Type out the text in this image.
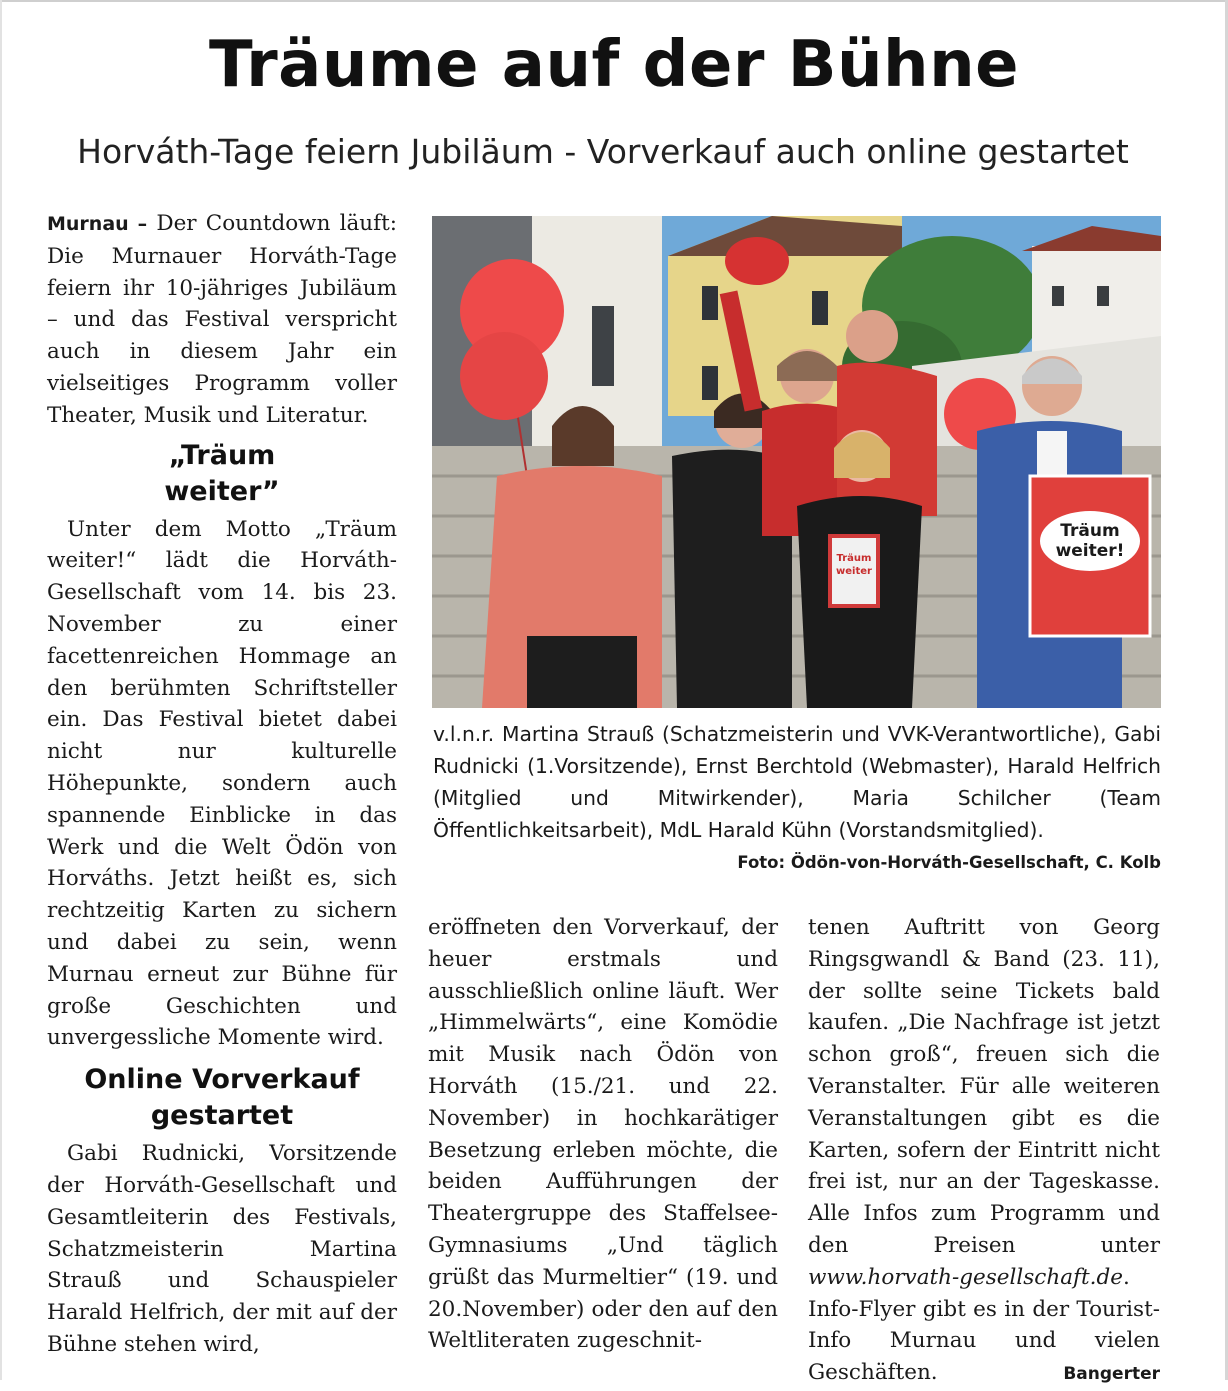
Träume auf der Bühne
Horváth-Tage feiern Jubiläum - Vorverkauf auch online gestartet

Murnau – Der Countdown läuft: Die Murnauer Horváth-Tage feiern ihr 10-jähriges Jubiläum – und das Festival verspricht auch in diesem Jahr ein vielseitiges Programm voller Theater, Musik und Literatur.

„Träum
weiter”

Unter dem Motto „Träum weiter!“ lädt die Horváth-Gesellschaft vom 14. bis 23. November zu einer facettenreichen Hommage an den berühmten Schriftsteller ein. Das Festival bietet dabei nicht nur kulturelle Höhepunkte, sondern auch spannende Einblicke in das Werk und die Welt Ödön von Horváths. Jetzt heißt es, sich rechtzeitig Karten zu sichern und dabei zu sein, wenn Murnau erneut zur Bühne für große Geschichten und unvergessliche Momente wird.

Online Vorverkauf
gestartet

Gabi Rudnicki, Vorsitzende der Horváth-Gesellschaft und Gesamtleiterin des Festivals, Schatzmeisterin Martina Strauß und Schauspieler Harald Helfrich, der mit auf der Bühne stehen wird,

Träum
weiter
Träum
weiter!
v.l.n.r. Martina Strauß (Schatzmeisterin und VVK-Verantwortliche), Gabi Rudnicki (1.Vorsitzende), Ernst Berchtold (Webmaster), Harald Helfrich (Mitglied und Mitwirkender), Maria Schilcher (Team Öffentlichkeitsarbeit), MdL Harald Kühn (Vorstandsmitglied).
Foto: Ödön-von-Horváth-Gesellschaft, C. Kolb

eröffneten den Vorverkauf, der heuer erstmals und ausschließlich online läuft. Wer „Himmelwärts“, eine Komödie mit Musik nach Ödön von Horváth (15./21. und 22. November) in hochkarätiger Besetzung erleben möchte, die beiden Aufführungen der Theatergruppe des Staffelsee-Gymnasiums „Und täglich grüßt das Murmeltier“ (19. und 20.November) oder den auf den Weltliteraten zugeschnit-

tenen Auftritt von Georg Ringsgwandl & Band (23. 11), der sollte seine Tickets bald kaufen. „Die Nachfrage ist jetzt schon groß“, freuen sich die Veranstalter. Für alle weiteren Veranstaltungen gibt es die Karten, sofern der Eintritt nicht frei ist, nur an der Tageskasse. Alle Infos zum Programm und den Preisen unter www.horvath-gesellschaft.de. Info-Flyer gibt es in der Tourist-Info Murnau und vielen Geschäften.	Bangerter
